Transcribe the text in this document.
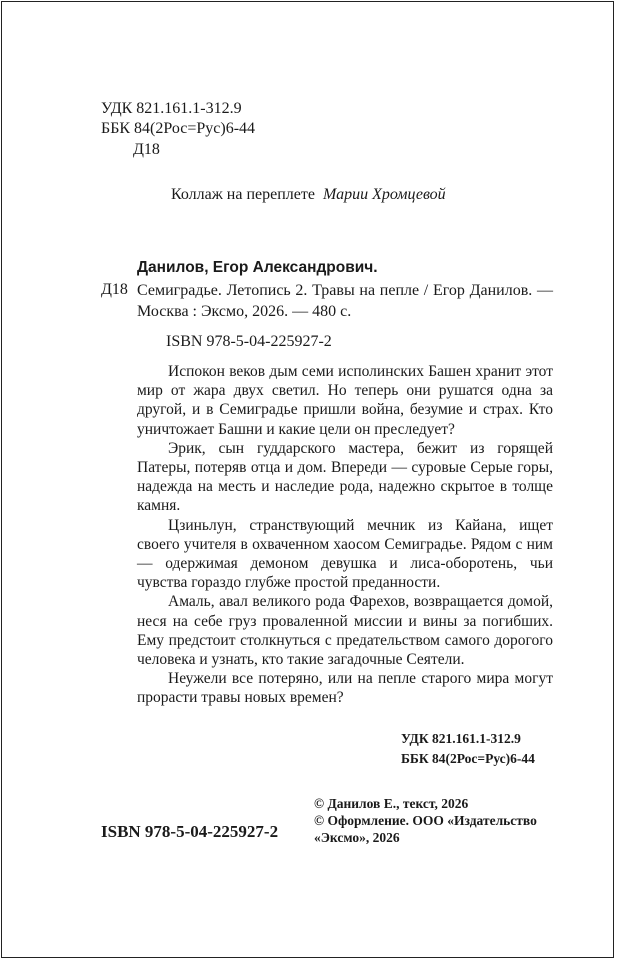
УДК 821.161.1-312.9
ББК 84(2Рос=Рус)6-44
Д18
Коллаж на переплете Марии Хромцевой
Данилов, Егор Александрович.
Д18 Семиградье. Летопись 2. Травы на пепле / Егор Данилов. — Москва : Эксмо, 2026. — 480 с.
ISBN 978-5-04-225927-2

Испокон веков дым семи исполинских Башен хранит этот мир от жара двух светил. Но теперь они рушатся одна за другой, и в Семиградье пришли война, безумие и страх. Кто уничтожает Башни и какие цели он преследует?

Эрик, сын гуддарского мастера, бежит из горящей Патеры, потеряв отца и дом. Впереди — суровые Серые горы, надежда на месть и наследие рода, надежно скрытое в толще камня.

Цзиньлун, странствующий мечник из Кайана, ищет своего учителя в охваченном хаосом Семиградье. Рядом с ним — одержимая демоном девушка и лиса-оборотень, чьи чувства гораздо глубже простой преданности.

Амаль, авал великого рода Фарехов, возвращается домой, неся на себе груз проваленной миссии и вины за погибших. Ему предстоит столкнуться с предательством самого дорогого человека и узнать, кто такие загадочные Сеятели.

Неужели все потеряно, или на пепле старого мира могут прорасти травы новых времен?

УДК 821.161.1-312.9
ББК 84(2Рос=Рус)6-44
ISBN 978-5-04-225927-2
© Данилов Е., текст, 2026
© Оформление. ООО «Издательство
«Эксмо», 2026
